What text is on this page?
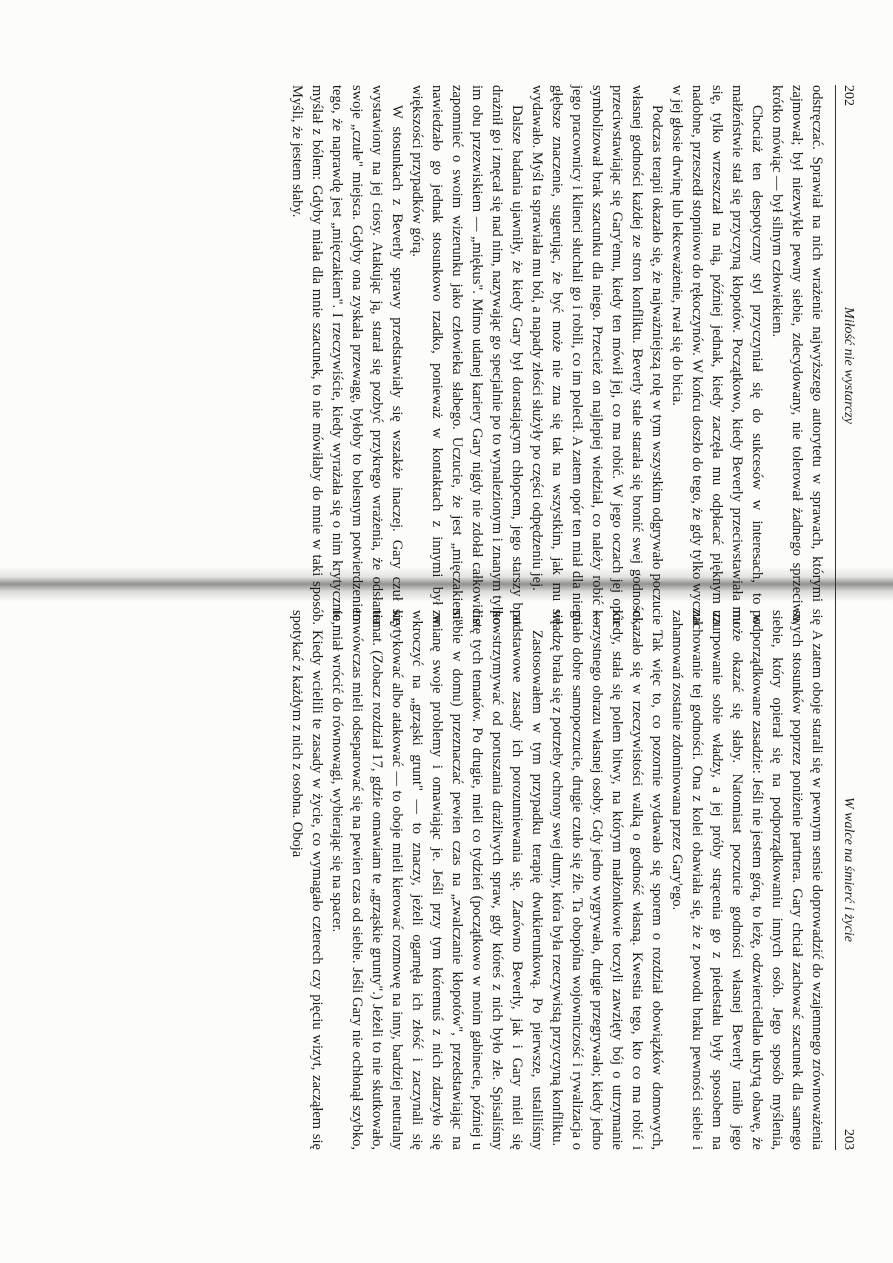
202
Miłość nie wystarczy

odstręczać. Sprawiał na nich wrażenie najwyższego autorytetu w sprawach, którymi się zajmował; był niezwykle pewny siebie, zdecydowany, nie tolerował żadnego sprzeciwu, krótko mówiąc — był silnym człowiekiem.

Chociaż ten despotyczny styl przyczyniał się do sukcesów w interesach, to w małżeństwie stał się przyczyną kłopotów. Początkowo, kiedy Beverly przeciwstawiała mu się, tylko wrzeszczał na nią, później jednak, kiedy zaczęła mu odpłacać pięknym za nadobne, przeszedł stopniowo do rękoczynów. W końcu doszło do tego, że gdy tylko wyczuł w jej głosie drwinę lub lekceważenie, rwał się do bicia.

Podczas terapii okazało się, że najważniejszą rolę w tym wszystkim odgrywało poczucie własnej godności każdej ze stron konfliktu. Beverly stale starała się bronić swej godności, przeciwstawiając się Gary'emu, kiedy ten mówił jej, co ma robić. W jego oczach jej opór symbolizował brak szacunku dla niego. Przecież on najlepiej wiedział, co należy robić — jego pracownicy i klienci słuchali go i robili, co im polecił. A zatem opór ten miał dla niego głębsze znaczenie, sugerując, że być może nie zna się tak na wszystkim, jak mu się wydawało. Myśl ta sprawiała mu ból, a napady złości służyły po części odpędzeniu jej.

Dalsze badania ujawniły, że kiedy Gary był dorastającym chłopcem, jego starszy brat drażnił go i znęcał się nad nim, nazywając go specjalnie po to wynalezionym i znanym tylko im obu przezwiskiem — „miękus". Mimo udanej kariery Gary nigdy nie zdołał całkowicie zapomnieć o swoim wizerunku jako człowieka słabego. Uczucie, że jest „mięczakiem" nawiedzało go jednak stosunkowo rzadko, ponieważ w kontaktach z innymi był w większości przypadków górą.

W stosunkach z Beverly sprawy przedstawiały się wszakże inaczej. Gary czuł się wystawiony na jej ciosy. Atakując ją, starał się pozbyć przykrego wrażenia, że odsłania swoje „czułe" miejsca. Gdyby ona zyskała przewagę, byłoby to bolesnym potwierdzeniem tego, że naprawdę jest „mięczakiem". I rzeczywiście, kiedy wyrażała się o nim krytycznie, myślał z bólem: Gdyby miała dla mnie szacunek, to nie mówiłaby do mnie w taki sposób. Myśli, że jestem słaby.

W walce na śmierć i życie
203

A zatem oboje starali się w pewnym sensie doprowadzić do wzajemnego zrównoważenia swych stosunków poprzez poniżenie partnera. Gary chciał zachować szacunek dla samego siebie, który opierał się na podporządkowaniu innych osób. Jego sposób myślenia, podporządkowane zasadzie: Jeśli nie jestem górą, to leżę, odzwierciedlało ukrytą obawę, że może okazać się słaby. Natomiast poczucie godności własnej Beverly raniło jego uzurpowanie sobie władzy, a jej próby strącenia go z piedestału były sposobem na zachowanie tej godności. Ona z kolei obawiała się, że z powodu braku pewności siebie i zahamowań zostanie zdominowana przez Gary'ego.

Tak więc to, co pozornie wydawało się sporem o rozdział obowiązków domowych, okazało się w rzeczywistości walką o godność własną. Kwestia tego, kto co ma robić i kiedy, stała się polem bitwy, na którym małżonkowie toczyli zawzięty bój o utrzymanie korzystnego obrazu własnej osoby. Gdy jedno wygrywało, drugie przegrywało; kiedy jedno miało dobre samopoczucie, drugie czuło się źle. Ta obopólna wojowniczość i rywalizacja o władzę brała się z potrzeby ochrony swej dumy, która była rzeczywistą przyczyną konfliktu.

Zastosowałem w tym przypadku terapię dwukierunkową. Po pierwsze, ustaliliśmy podstawowe zasady ich porozumiewania się. Zarówno Beverly, jak i Gary mieli się powstrzymywać od poruszania drażliwych spraw, gdy któreś z nich było złe. Spisaliśmy listę tych tematów. Po drugie, mieli co tydzień (początkowo w moim gabinecie, później u siebie w domu) przeznaczać pewien czas na „zwalczanie kłopotów", przedstawiając na zmianę swoje problemy i omawiając je. Jeśli przy tym któremuś z nich zdarzyło się wkroczyć na „grząski grunt" — to znaczy, jeżeli ogarnęła ich złość i zaczynali się krytykować albo atakować — to oboje mieli kierować rozmowę na inny, bardziej neutralny temat. (Zobacz rozdział 17, gdzie omawiam te „grząskie grunty".) Jeżeli to nie skutkowało, to wówczas mieli odseparować się na pewien czas od siebie. Jeśli Gary nie ochłonął szybko, to miał wrócić do równowagi, wybierając się na spacer.

Kiedy wcielili te zasady w życie, co wymagało czterech czy pięciu wizyt, zacząłem się spotykać z każdym z nich z osobna. Oboja
